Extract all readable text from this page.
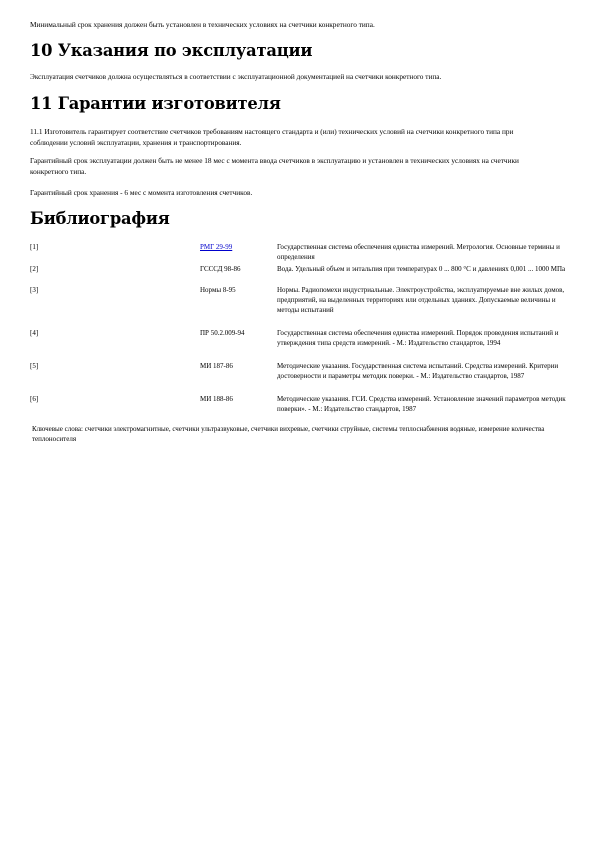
Минимальный срок хранения должен быть установлен в технических условиях на счетчики конкретного типа.

10 Указания по эксплуатации

Эксплуатация счетчиков должна осуществляться в соответствии с эксплуатационной документацией на счетчики конкретного типа.

11 Гарантии изготовителя

11.1 Изготовитель гарантирует соответствие счетчиков требованиям настоящего стандарта и (или) технических условий на счетчики конкретного типа при соблюдении условий эксплуатации, хранения и транспортирования.

Гарантийный срок эксплуатации должен быть не менее 18 мес с момента ввода счетчиков в эксплуатацию и установлен в технических условиях на счетчики конкретного типа.

Гарантийный срок хранения - 6 мес с момента изготовления счетчиков.

Библиография
[1]	РМГ 29-99	Государственная система обеспечения единства измерений. Метрология. Основные термины и определения
[2]	ГСССД 98-86	Вода. Удельный объем и энтальпия при температурах 0 ... 800 °С и давлениях 0,001 ... 1000 МПа
[3]	Нормы 8-95	Нормы. Радиопомехи индустриальные. Электроустройства, эксплуатируемые вне жилых домов, предприятий, на выделенных территориях или отдельных зданиях. Допускаемые величины и методы испытаний
[4]	ПР 50.2.009-94	Государственная система обеспечения единства измерений. Порядок проведения испытаний и утверждения типа средств измерений. - М.: Издательство стандартов, 1994
[5]	МИ 187-86	Методические указания. Государственная система испытаний. Средства измерений. Критерии достоверности и параметры методик поверки. - М.: Издательство стандартов, 1987
[6]	МИ 188-86	Методические указания. ГСИ. Средства измерений. Установление значений параметров методик поверки». - М.: Издательство стандартов, 1987

Ключевые слова: счетчики электромагнитные, счетчики ультразвуковые, счетчики вихревые, счетчики струйные, системы теплоснабжения водяные, измерение количества теплоносителя
